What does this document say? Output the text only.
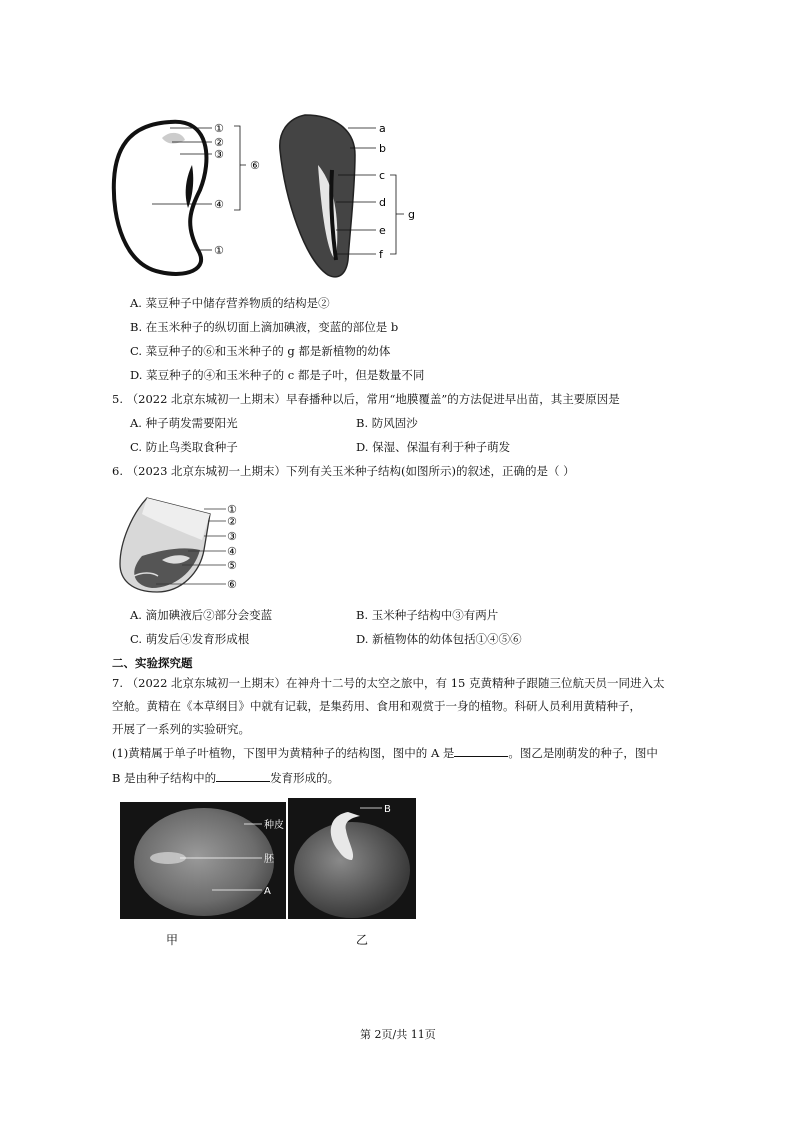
①
②
③
⑥
④
①
a
b
c
d
e
f
g
A. 菜豆种子中储存营养物质的结构是②
B. 在玉米种子的纵切面上滴加碘液，变蓝的部位是 b
C. 菜豆种子的⑥和玉米种子的 g 都是新植物的幼体
D. 菜豆种子的④和玉米种子的 c 都是子叶，但是数量不同
5. （2022 北京东城初一上期末）早春播种以后，常用“地膜覆盖”的方法促进早出苗，其主要原因是
A. 种子萌发需要阳光	B. 防风固沙
C. 防止鸟类取食种子	D. 保湿、保温有利于种子萌发
6. （2023 北京东城初一上期末）下列有关玉米种子结构(如图所示)的叙述，正确的是（ ）
①
②
③
④
⑤
⑥
A. 滴加碘液后②部分会变蓝	B. 玉米种子结构中③有两片
C. 萌发后④发育形成根	D. 新植物体的幼体包括①④⑤⑥
二、实验探究题
7. （2022 北京东城初一上期末）在神舟十二号的太空之旅中，有 15 克黄精种子跟随三位航天员一同进入太
空舱。黄精在《本草纲目》中就有记载，是集药用、食用和观赏于一身的植物。科研人员利用黄精种子，
开展了一系列的实验研究。
(1)黄精属于单子叶植物，下图甲为黄精种子的结构图，图中的 A 是	。图乙是刚萌发的种子，图中
B 是由种子结构中的	发育形成的。
种皮
胚
A
B
甲	乙
第 2页/共 11页
